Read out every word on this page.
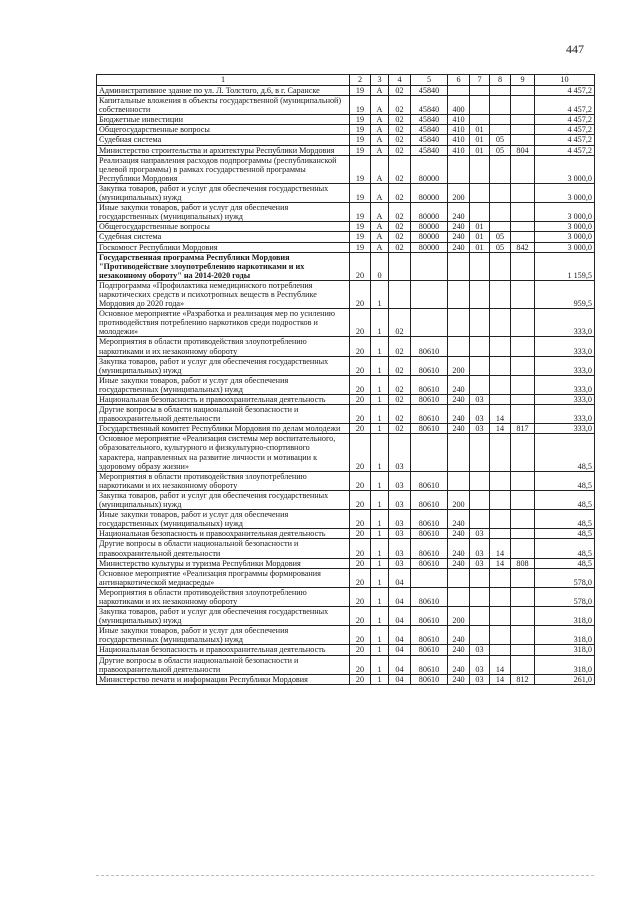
447
1	2	3	4	5	6	7	8	9	10
Административное здание по ул. Л. Толстого, д.6, в г. Саранске	19	А	02	45840					4 457,2
Капитальные вложения в объекты государственной (муниципальной) собственности	19	А	02	45840	400				4 457,2
Бюджетные инвестиции	19	А	02	45840	410				4 457,2
Общегосударственные вопросы	19	А	02	45840	410	01			4 457,2
Судебная система	19	А	02	45840	410	01	05		4 457,2
Министерство строительства и архитектуры Республики Мордовия	19	А	02	45840	410	01	05	804	4 457,2
Реализация направления расходов подпрограммы (республиканской целевой программы) в рамках государственной программы Республики Мордовия	19	А	02	80000					3 000,0
Закупка товаров, работ и услуг для обеспечения государственных (муниципальных) нужд	19	А	02	80000	200				3 000,0
Иные закупки товаров, работ и услуг для обеспечения государственных (муниципальных) нужд	19	А	02	80000	240				3 000,0
Общегосударственные вопросы	19	А	02	80000	240	01			3 000,0
Судебная система	19	А	02	80000	240	01	05		3 000,0
Госкомюст Республики Мордовия	19	А	02	80000	240	01	05	842	3 000,0
Государственная программа Республики Мордовия "Противодействие злоупотреблению наркотиками и их незаконному обороту" на 2014-2020 годы	20	0							1 159,5
Подпрограмма «Профилактика немедицинского потребления наркотических средств и психотропных веществ в Республике Мордовия до 2020 года»	20	1							959,5
Основное мероприятие «Разработка и реализация мер по усилению противодействия потреблению наркотиков среди подростков и молодежи»	20	1	02						333,0
Мероприятия в области противодействия злоупотреблению наркотиками и их незаконному обороту	20	1	02	80610					333,0
Закупка товаров, работ и услуг для обеспечения государственных (муниципальных) нужд	20	1	02	80610	200				333,0
Иные закупки товаров, работ и услуг для обеспечения государственных (муниципальных) нужд	20	1	02	80610	240				333,0
Национальная безопасность и правоохранительная деятельность	20	1	02	80610	240	03			333,0
Другие вопросы в области национальной безопасности и правоохранительной деятельности	20	1	02	80610	240	03	14		333,0
Государственный комитет Республики Мордовия по делам молодежи	20	1	02	80610	240	03	14	817	333,0
Основное мероприятие «Реализация системы мер воспитательного, образовательного, культурного и физкультурно-спортивного характера, направленных на развитие личности и мотивации к здоровому образу жизни»	20	1	03						48,5
Мероприятия в области противодействия злоупотреблению наркотиками и их незаконному обороту	20	1	03	80610					48,5
Закупка товаров, работ и услуг для обеспечения государственных (муниципальных) нужд	20	1	03	80610	200				48,5
Иные закупки товаров, работ и услуг для обеспечения государственных (муниципальных) нужд	20	1	03	80610	240				48,5
Национальная безопасность и правоохранительная деятельность	20	1	03	80610	240	03			48,5
Другие вопросы в области национальной безопасности и правоохранительной деятельности	20	1	03	80610	240	03	14		48,5
Министерство культуры и туризма Республики Мордовия	20	1	03	80610	240	03	14	808	48,5
Основное мероприятие «Реализация программы формирования антинаркотической медиасреды»	20	1	04						578,0
Мероприятия в области противодействия злоупотреблению наркотиками и их незаконному обороту	20	1	04	80610					578,0
Закупка товаров, работ и услуг для обеспечения государственных (муниципальных) нужд	20	1	04	80610	200				318,0
Иные закупки товаров, работ и услуг для обеспечения государственных (муниципальных) нужд	20	1	04	80610	240				318,0
Национальная безопасность и правоохранительная деятельность	20	1	04	80610	240	03			318,0
Другие вопросы в области национальной безопасности и правоохранительной деятельности	20	1	04	80610	240	03	14		318,0
Министерство печати и информации Республики Мордовия	20	1	04	80610	240	03	14	812	261,0
